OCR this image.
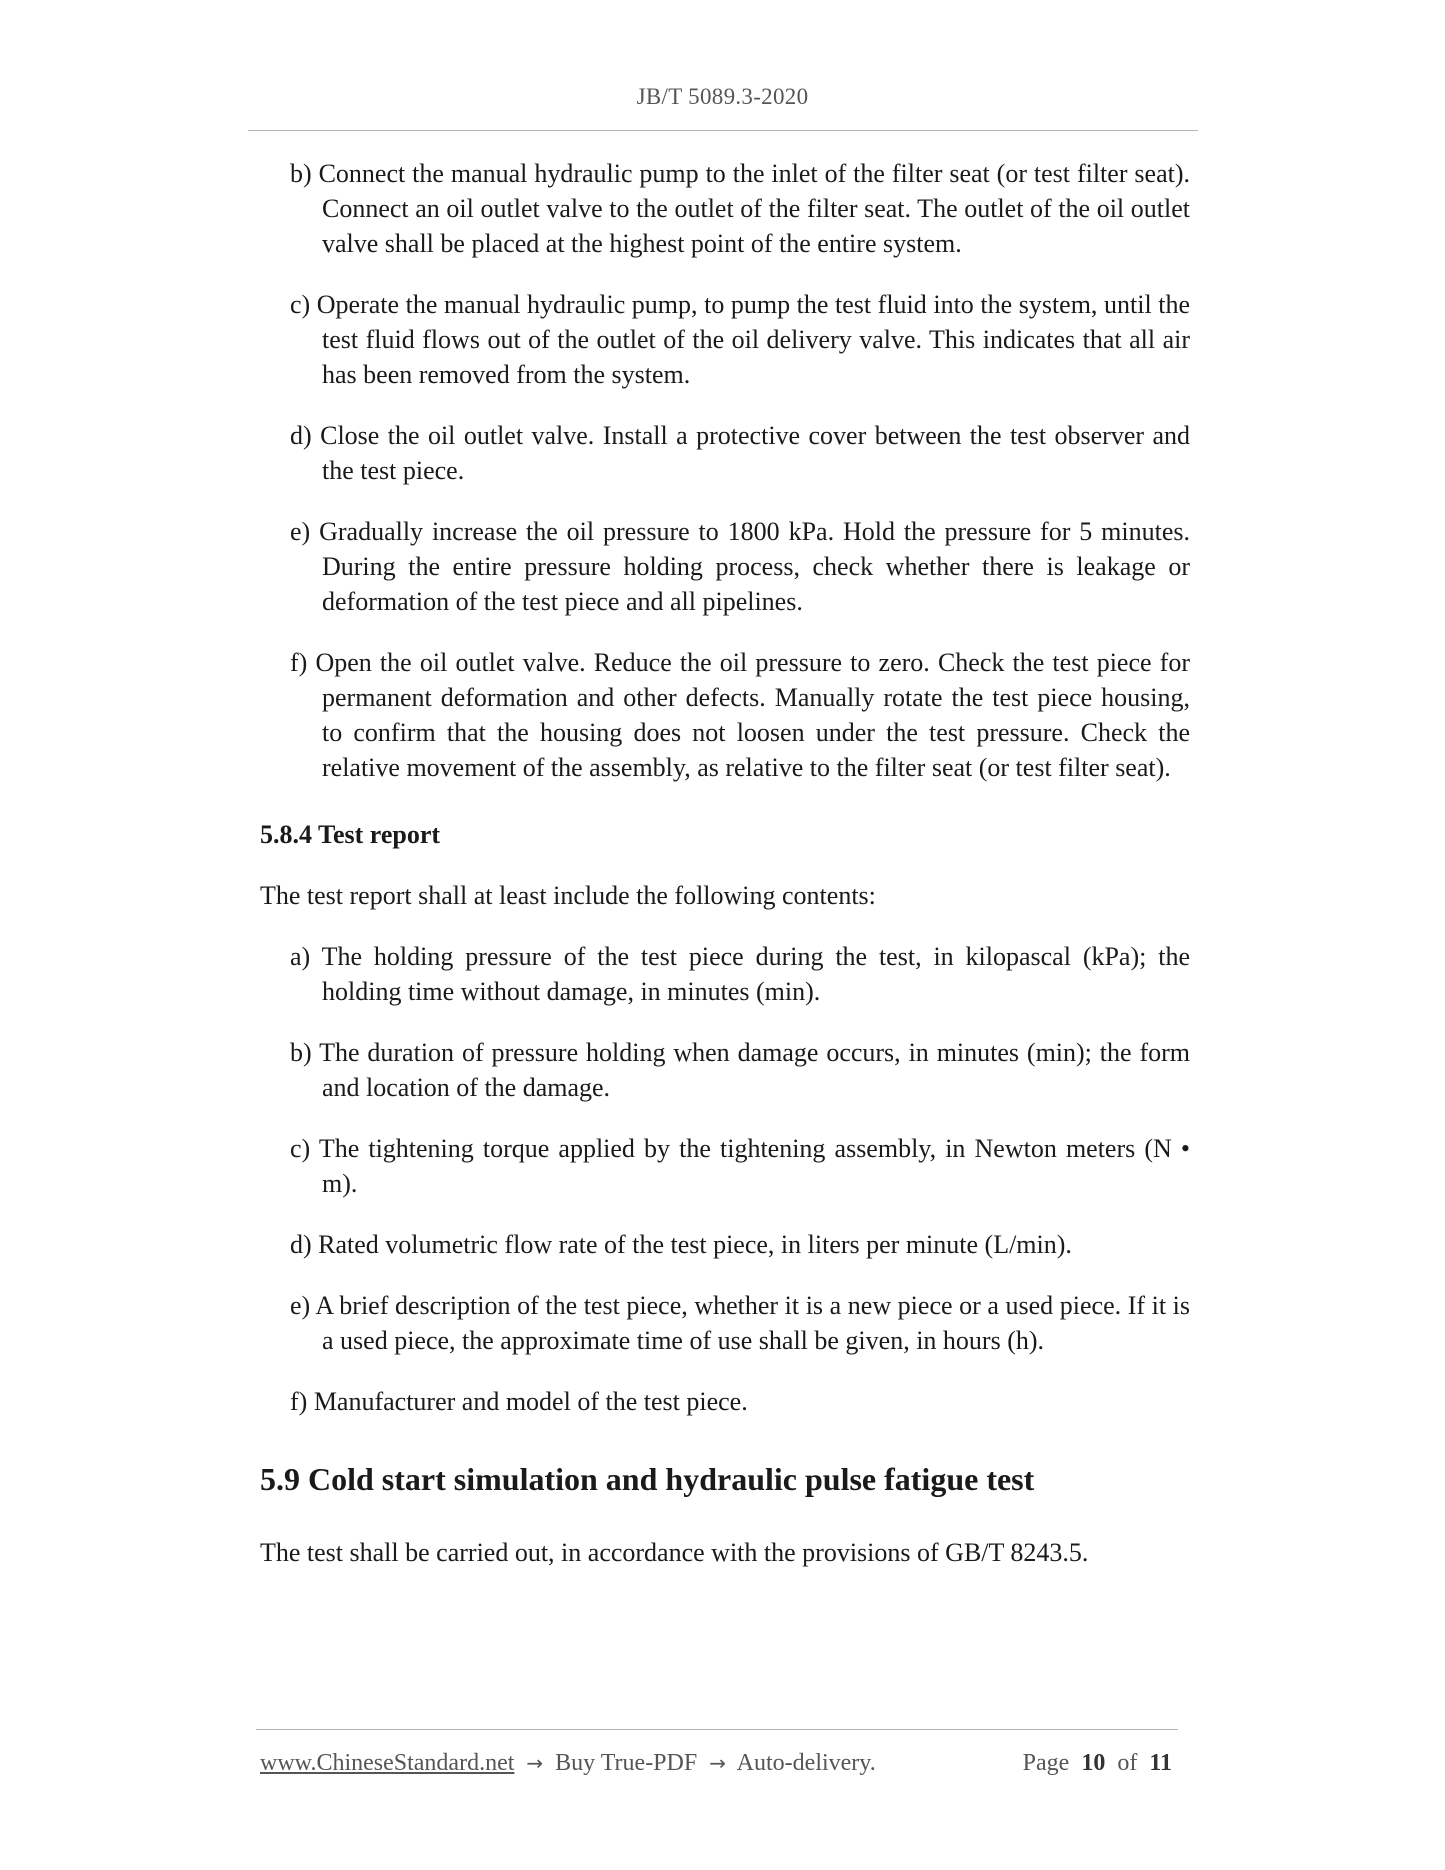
JB/T 5089.3-2020
b) Connect the manual hydraulic pump to the inlet of the filter seat (or test filter seat). Connect an oil outlet valve to the outlet of the filter seat. The outlet of the oil outlet valve shall be placed at the highest point of the entire system.
c) Operate the manual hydraulic pump, to pump the test fluid into the system, until the test fluid flows out of the outlet of the oil delivery valve. This indicates that all air has been removed from the system.
d) Close the oil outlet valve. Install a protective cover between the test observer and the test piece.
e) Gradually increase the oil pressure to 1800 kPa. Hold the pressure for 5 minutes. During the entire pressure holding process, check whether there is leakage or deformation of the test piece and all pipelines.
f) Open the oil outlet valve. Reduce the oil pressure to zero. Check the test piece for permanent deformation and other defects. Manually rotate the test piece housing, to confirm that the housing does not loosen under the test pressure. Check the relative movement of the assembly, as relative to the filter seat (or test filter seat).
5.8.4 Test report
The test report shall at least include the following contents:
a) The holding pressure of the test piece during the test, in kilopascal (kPa); the holding time without damage, in minutes (min).
b) The duration of pressure holding when damage occurs, in minutes (min); the form and location of the damage.
c) The tightening torque applied by the tightening assembly, in Newton meters (N • m).
d) Rated volumetric flow rate of the test piece, in liters per minute (L/min).
e) A brief description of the test piece, whether it is a new piece or a used piece. If it is a used piece, the approximate time of use shall be given, in hours (h).
f) Manufacturer and model of the test piece.
5.9 Cold start simulation and hydraulic pulse fatigue test
The test shall be carried out, in accordance with the provisions of GB/T 8243.5.
www.ChineseStandard.net → Buy True-PDF → Auto-delivery.	Page 10 of 11
